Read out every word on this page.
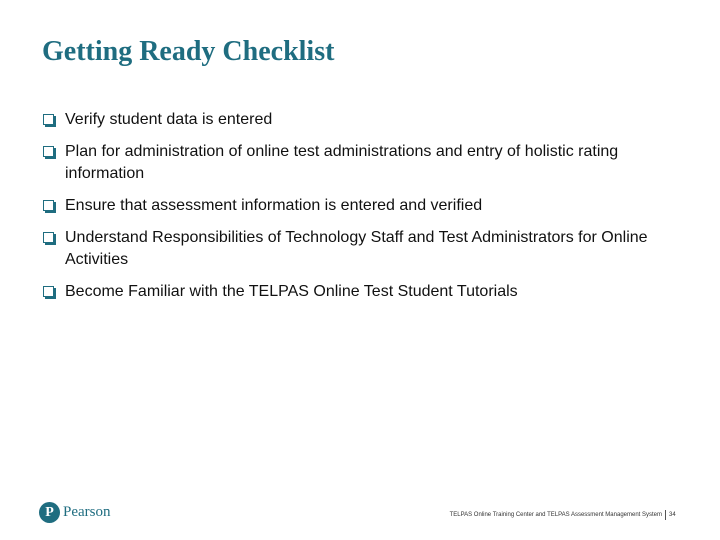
Getting Ready Checklist
Verify student data is entered
Plan for administration of online test administrations and entry of holistic rating information
Ensure that assessment information is entered and verified
Understand Responsibilities of Technology Staff and Test Administrators for Online Activities
Become Familiar with the TELPAS Online Test Student Tutorials
P Pearson	TELPAS Online Training Center and TELPAS Assessment Management System 34
